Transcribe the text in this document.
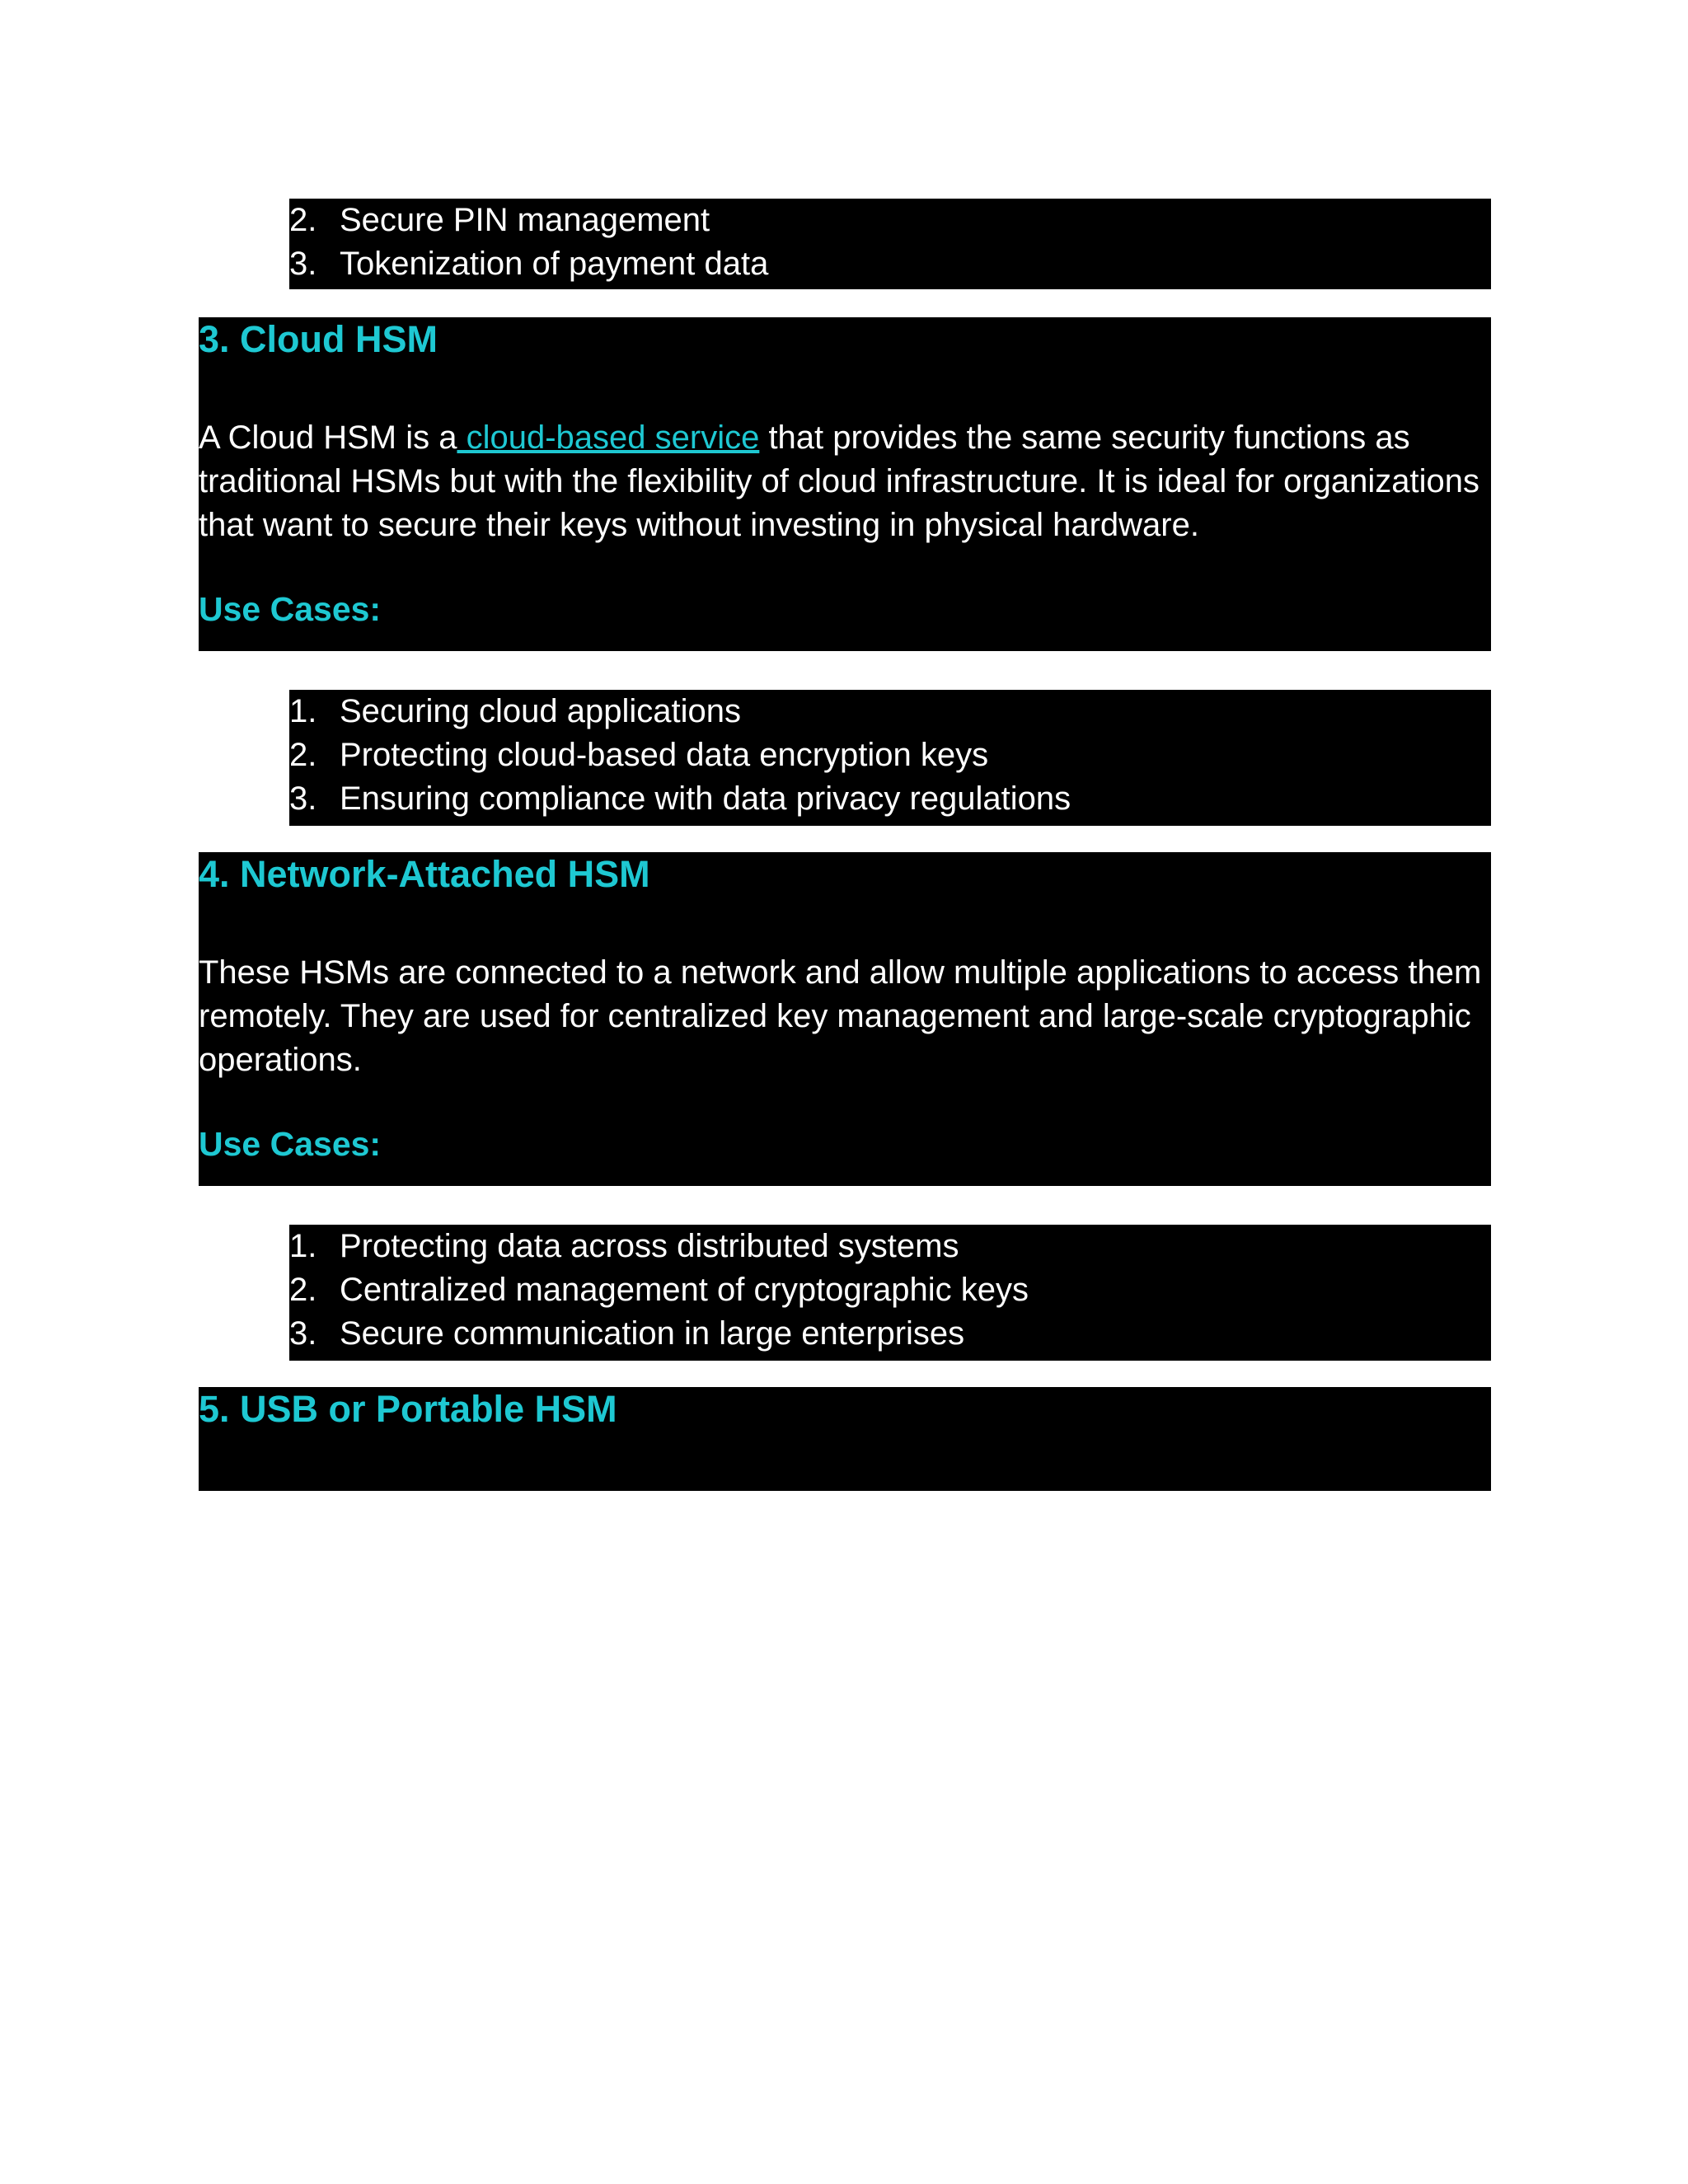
2. Secure PIN management
3. Tokenization of payment data
3. Cloud HSM
A Cloud HSM is a cloud-based service that provides the same security functions as
traditional HSMs but with the flexibility of cloud infrastructure. It is ideal for organizations
that want to secure their keys without investing in physical hardware.
Use Cases:
1. Securing cloud applications
2. Protecting cloud-based data encryption keys
3. Ensuring compliance with data privacy regulations
4. Network-Attached HSM
These HSMs are connected to a network and allow multiple applications to access them
remotely. They are used for centralized key management and large-scale cryptographic
operations.
Use Cases:
1. Protecting data across distributed systems
2. Centralized management of cryptographic keys
3. Secure communication in large enterprises
5. USB or Portable HSM
